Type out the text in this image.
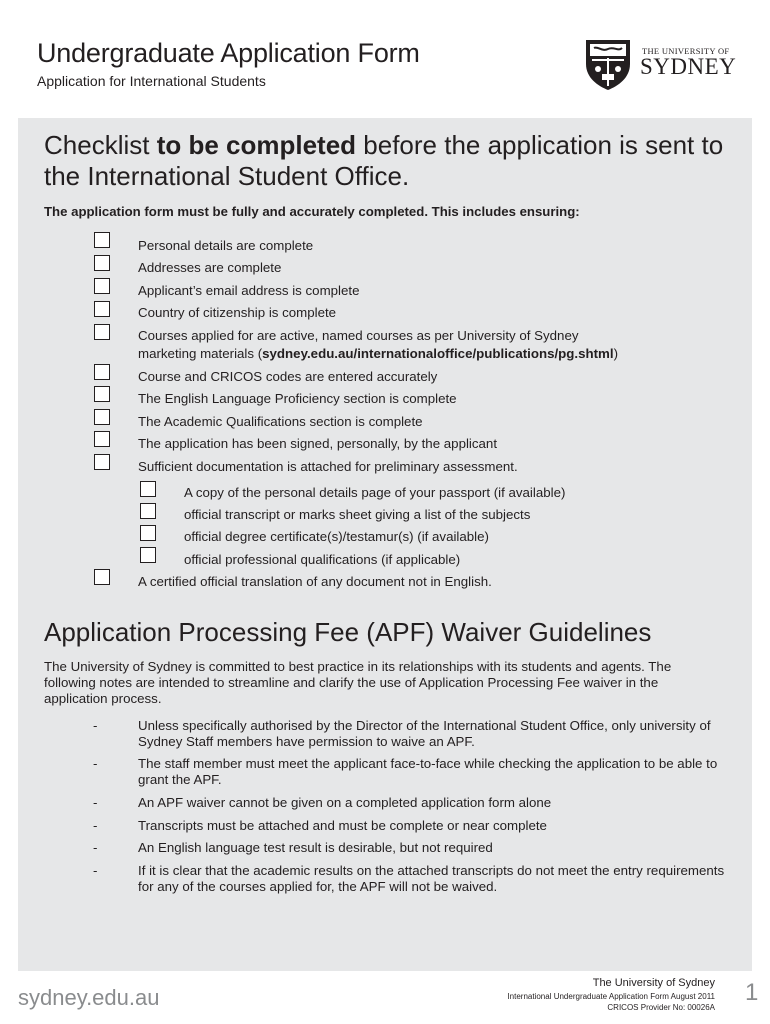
Undergraduate Application Form
Application for International Students
THE UNIVERSITY OF
SYDNEY
Checklist to be completed before the application is sent to the International Student Office.
The application form must be fully and accurately completed. This includes ensuring:
Personal details are complete
Addresses are complete
Applicant’s email address is complete
Country of citizenship is complete
Courses applied for are active, named courses as per University of Sydney
marketing materials (sydney.edu.au/internationaloffice/publications/pg.shtml)
Course and CRICOS codes are entered accurately
The English Language Proficiency section is complete
The Academic Qualifications section is complete
The application has been signed, personally, by the applicant
Sufficient documentation is attached for preliminary assessment.
A copy of the personal details page of your passport (if available)
official transcript or marks sheet giving a list of the subjects
official degree certificate(s)/testamur(s) (if available)
official professional qualifications (if applicable)
A certified official translation of any document not in English.
Application Processing Fee (APF) Waiver Guidelines
The University of Sydney is committed to best practice in its relationships with its students and agents. The following notes are intended to streamline and clarify the use of Application Processing Fee waiver in the application process.
-	Unless specifically authorised by the Director of the International Student Office, only university of Sydney Staff members have permission to waive an APF.
-	The staff member must meet the applicant face-to-face while checking the application to be able to grant the APF.
-	An APF waiver cannot be given on a completed application form alone
-	Transcripts must be attached and must be complete or near complete
-	An English language test result is desirable, but not required
-	If it is clear that the academic results on the attached transcripts do not meet the entry requirements for any of the courses applied for, the APF will not be waived.
sydney.edu.au
The University of Sydney
International Undergraduate Application Form August 2011
CRICOS Provider No: 00026A
1
